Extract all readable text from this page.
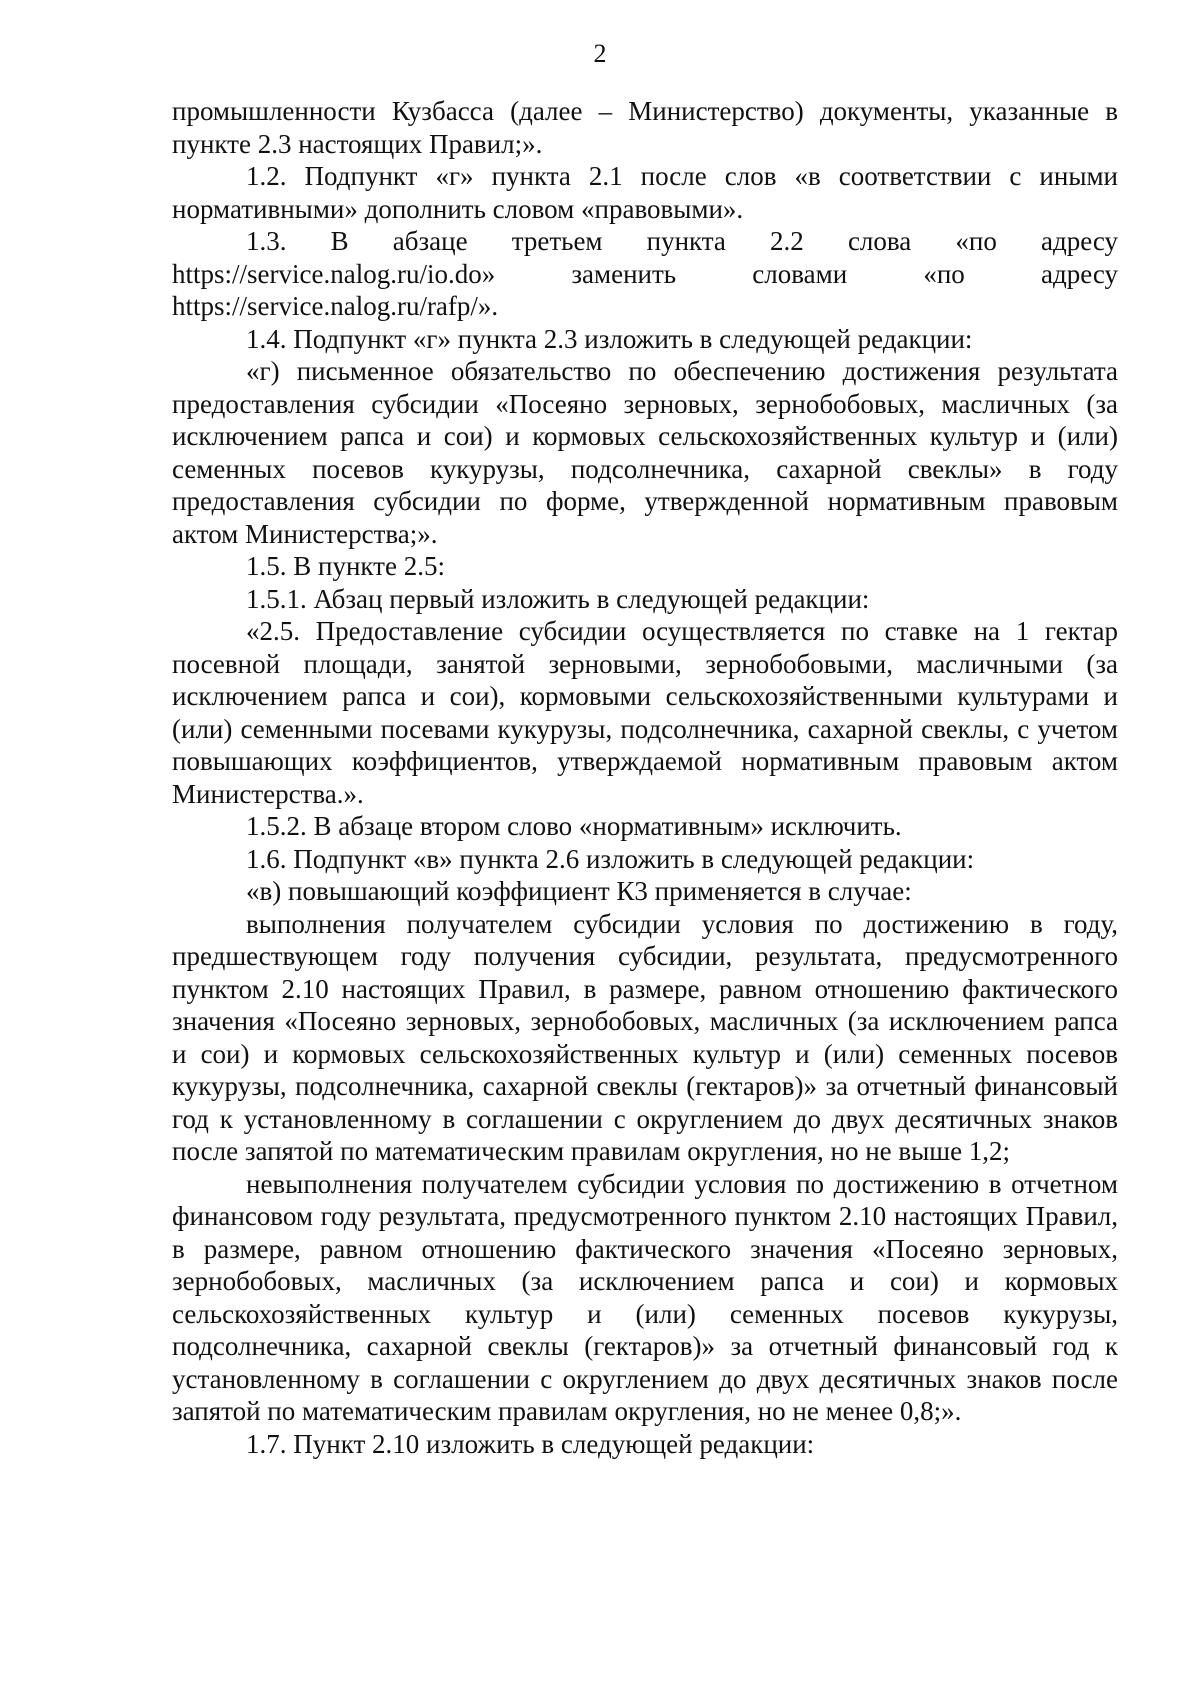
2

промышленности Кузбасса (далее – Министерство) документы, указанные в пункте 2.3 настоящих Правил;».

1.2. Подпункт «г» пункта 2.1 после слов «в соответствии с иными нормативными» дополнить словом «правовыми».

1.3. В абзаце третьем пункта 2.2 слова «по адресу https://service.nalog.ru/io.do» заменить словами «по адресу https://service.nalog.ru/rafp/».

1.4. Подпункт «г» пункта 2.3 изложить в следующей редакции:

«г) письменное обязательство по обеспечению достижения результата предоставления субсидии «Посеяно зерновых, зернобобовых, масличных (за исключением рапса и сои) и кормовых сельскохозяйственных культур и (или) семенных посевов кукурузы, подсолнечника, сахарной свеклы» в году предоставления субсидии по форме, утвержденной нормативным правовым актом Министерства;».

1.5. В пункте 2.5:

1.5.1. Абзац первый изложить в следующей редакции:

«2.5. Предоставление субсидии осуществляется по ставке на 1 гектар посевной площади, занятой зерновыми, зернобобовыми, масличными (за исключением рапса и сои), кормовыми сельскохозяйственными культурами и (или) семенными посевами кукурузы, подсолнечника, сахарной свеклы, с учетом повышающих коэффициентов, утверждаемой нормативным правовым актом Министерства.».

1.5.2. В абзаце втором слово «нормативным» исключить.

1.6. Подпункт «в» пункта 2.6 изложить в следующей редакции:

«в) повышающий коэффициент К3 применяется в случае:

выполнения получателем субсидии условия по достижению в году, предшествующем году получения субсидии, результата, предусмотренного пунктом 2.10 настоящих Правил, в размере, равном отношению фактического значения «Посеяно зерновых, зернобобовых, масличных (за исключением рапса и сои) и кормовых сельскохозяйственных культур и (или) семенных посевов кукурузы, подсолнечника, сахарной свеклы (гектаров)» за отчетный финансовый год к установленному в соглашении с округлением до двух десятичных знаков после запятой по математическим правилам округления, но не выше 1,2;

невыполнения получателем субсидии условия по достижению в отчетном финансовом году результата, предусмотренного пунктом 2.10 настоящих Правил, в размере, равном отношению фактического значения «Посеяно зерновых, зернобобовых, масличных (за исключением рапса и сои) и кормовых сельскохозяйственных культур и (или) семенных посевов кукурузы, подсолнечника, сахарной свеклы (гектаров)» за отчетный финансовый год к установленному в соглашении с округлением до двух десятичных знаков после запятой по математическим правилам округления, но не менее 0,8;».

1.7. Пункт 2.10 изложить в следующей редакции:
